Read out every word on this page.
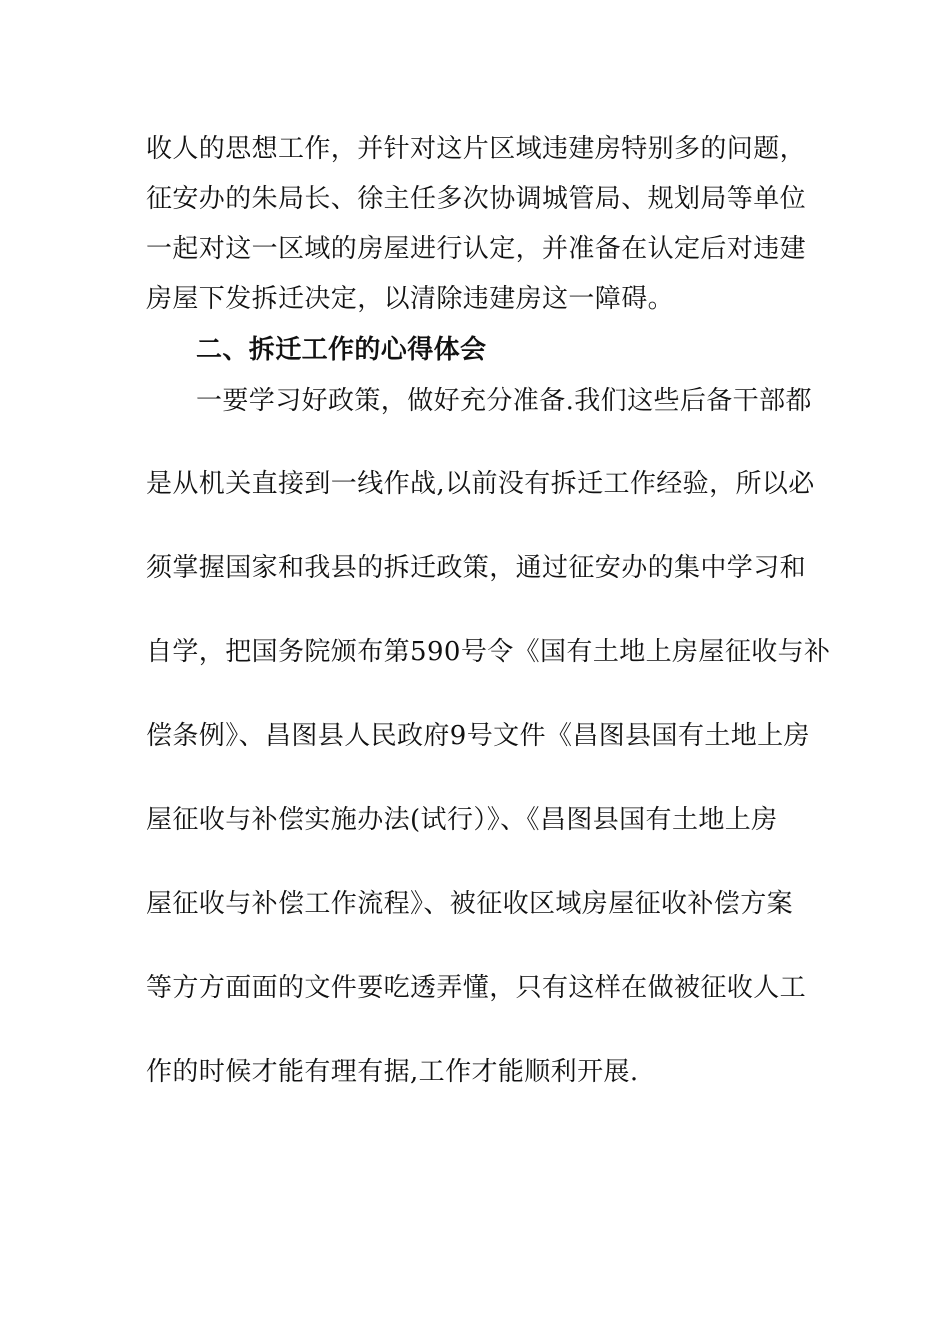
收人的思想工作，并针对这片区域违建房特别多的问题，
征安办的朱局长、徐主任多次协调城管局、规划局等单位
一起对这一区域的房屋进行认定，并准备在认定后对违建
房屋下发拆迁决定，以清除违建房这一障碍。
二、拆迁工作的心得体会
一要学习好政策，做好充分准备.我们这些后备干部都
是从机关直接到一线作战,以前没有拆迁工作经验，所以必
须掌握国家和我县的拆迁政策，通过征安办的集中学习和
自学，把国务院颁布第590号令《国有土地上房屋征收与补
偿条例》、昌图县人民政府9号文件《昌图县国有土地上房
屋征收与补偿实施办法(试行）》、《昌图县国有土地上房
屋征收与补偿工作流程》、被征收区域房屋征收补偿方案
等方方面面的文件要吃透弄懂，只有这样在做被征收人工
作的时候才能有理有据,工作才能顺利开展.
